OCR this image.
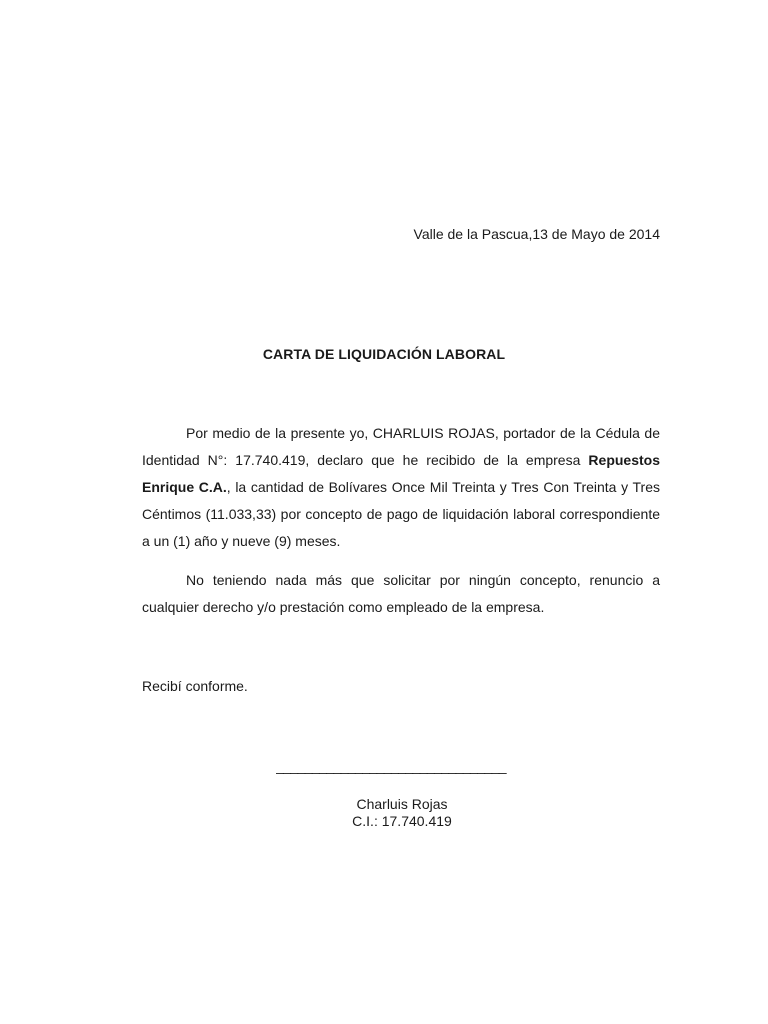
Valle de la Pascua,13 de Mayo de 2014
CARTA DE LIQUIDACIÓN LABORAL
Por medio de la presente yo, CHARLUIS ROJAS, portador de la Cédula de Identidad N°: 17.740.419, declaro que he recibido de la empresa Repuestos Enrique C.A., la cantidad de Bolívares Once Mil Treinta y Tres Con Treinta y Tres Céntimos (11.033,33) por concepto de pago de liquidación laboral correspondiente a un (1) año y nueve (9) meses.
No teniendo nada más que solicitar por ningún concepto, renuncio a cualquier derecho y/o prestación como empleado de la empresa.
Recibí conforme.
________________________________
Charluis Rojas
C.I.: 17.740.419
